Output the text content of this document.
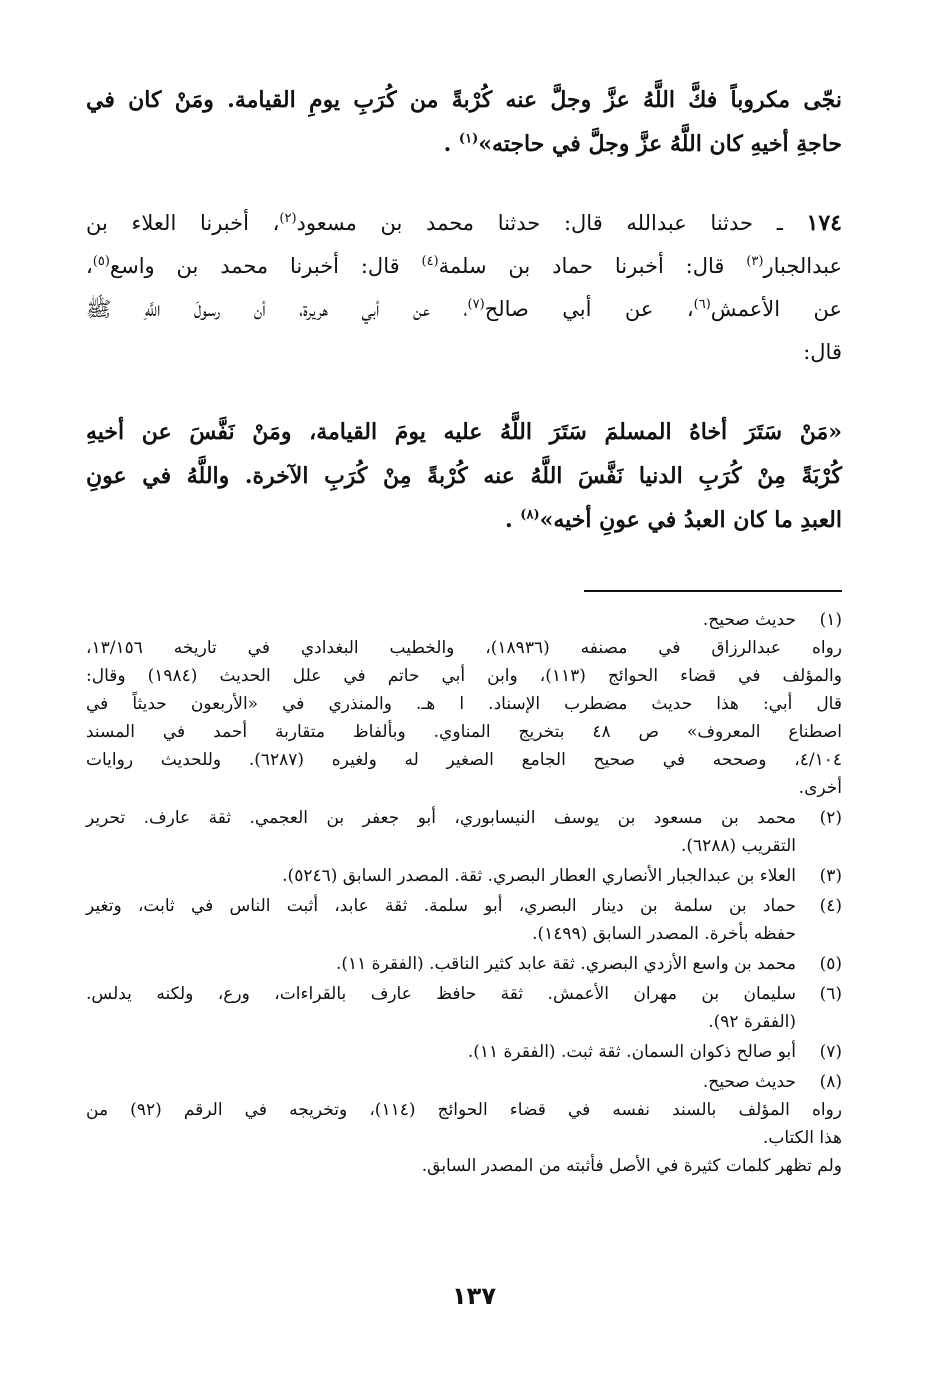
نجّى مكروباً فكَّ اللَّهُ عزَّ وجلَّ عنه كُرْبةً من كُرَبِ يومِ القيامة. ومَنْ كان في
حاجةِ أخيهِ كان اللَّهُ عزَّ وجلَّ في حاجته»$^{(١)}$ .
١٧٤ ـ حدثنا عبدالله قال: حدثنا محمد بن مسعود$^{(٢)}$، أخبرنا العلاء بن
عبدالجبار$^{(٣)}$ قال: أخبرنا حماد بن سلمة$^{(٤)}$ قال: أخبرنا محمد بن واسع$^{(٥)}$،
عن الأعمش$^{(٦)}$، عن أبي صالح$^{(٧)}$، عن أبي هريرة، أن رسولَ اللَّهِ ﷺ
قال:
«مَنْ سَتَرَ أخاهُ المسلمَ سَتَرَ اللَّهُ عليه يومَ القيامة، ومَنْ نَفَّسَ عن أخيهِ
كُرْبَةً مِنْ كُرَبِ الدنيا نَفَّسَ اللَّهُ عنه كُرْبةً مِنْ كُرَبِ الآخرة. واللَّهُ في عونِ
العبدِ ما كان العبدُ في عونِ أخيه»$^{(٨)}$ .
(١)
حديث صحيح.
رواه عبدالرزاق في مصنفه (١٨٩٣٦)، والخطيب البغدادي في تاريخه ١٣/١٥٦،
والمؤلف في قضاء الحوائج (١١٣)، وابن أبي حاتم في علل الحديث (١٩٨٤) وقال:
قال أبي: هذا حديث مضطرب الإسناد. ا هـ. والمنذري في «الأربعون حديثاً في
اصطناع المعروف» ص ٤٨ بتخريج المناوي. وبألفاظ متقاربة أحمد في المسند
٤/١٠٤، وصححه في صحيح الجامع الصغير له ولغيره (٦٢٨٧). وللحديث روايات
أخرى.
(٢)
محمد بن مسعود بن يوسف النيسابوري، أبو جعفر بن العجمي. ثقة عارف. تحرير
التقريب (٦٢٨٨).
(٣)
العلاء بن عبدالجبار الأنصاري العطار البصري. ثقة. المصدر السابق (٥٢٤٦).
(٤)
حماد بن سلمة بن دينار البصري، أبو سلمة. ثقة عابد، أثبت الناس في ثابت، وتغير
حفظه بأخرة. المصدر السابق (١٤٩٩).
(٥)
محمد بن واسع الأزدي البصري. ثقة عابد كثير الناقب. (الفقرة ١١).
(٦)
سليمان بن مهران الأعمش. ثقة حافظ عارف بالقراءات، ورع، ولكنه يدلس.
(الفقرة ٩٢).
(٧)
أبو صالح ذكوان السمان. ثقة ثبت. (الفقرة ١١).
(٨)
حديث صحيح.
رواه المؤلف بالسند نفسه في قضاء الحوائج (١١٤)، وتخريجه في الرقم (٩٢) من
هذا الكتاب.
ولم تظهر كلمات كثيرة في الأصل فأثبته من المصدر السابق.
١٣٧
